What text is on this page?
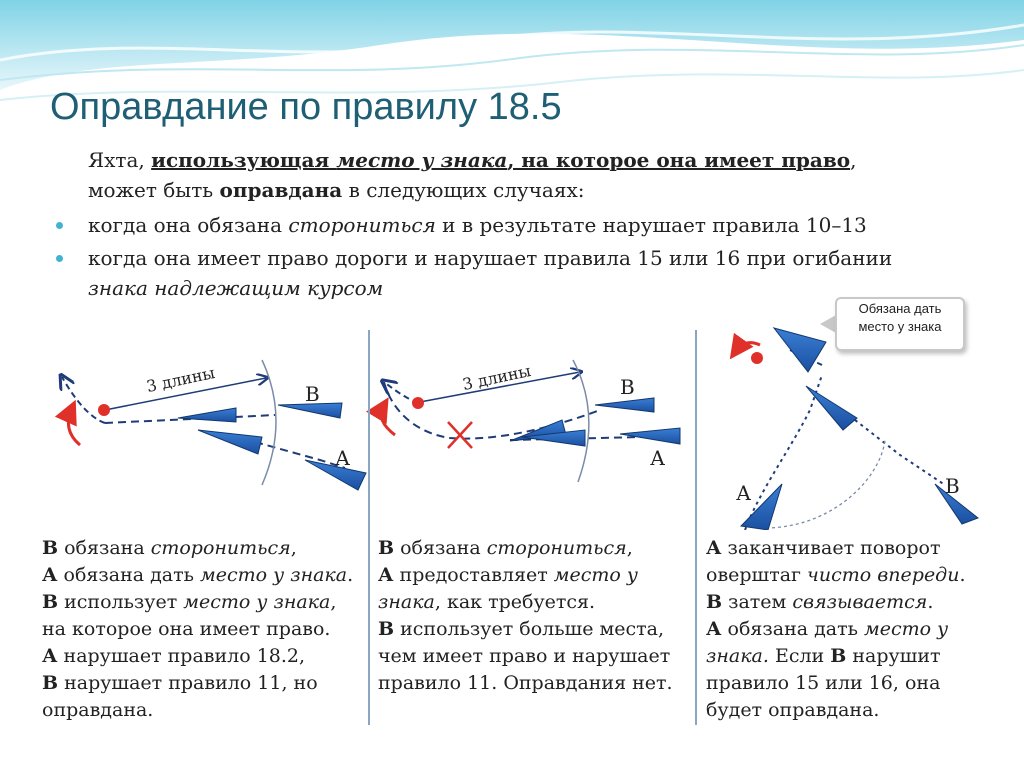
Оправдание по правилу 18.5
Яхта, использующая место у знака, на которое она имеет право,
может быть оправдана в следующих случаях:
когда она обязана сторониться и в результате нарушает правила 10–13
когда она имеет право дороги и нарушает правила 15 или 16 при огибании
знака надлежащим курсом
3 длины	В
А
3 длины	В
А
А	В
Обязана дать
место у знака

В обязана сторониться,

А обязана дать место у знака.

В использует место у знака,

на которое она имеет право.

А нарушает правило 18.2,

В нарушает правило 11, но

оправдана.

В обязана сторониться,

А предоставляет место у

знака, как требуется.

В использует больше места,

чем имеет право и нарушает

правило 11. Оправдания нет.

А заканчивает поворот

оверштаг чисто впереди.

В затем связывается.

А обязана дать место у

знака. Если В нарушит

правило 15 или 16, она

будет оправдана.
